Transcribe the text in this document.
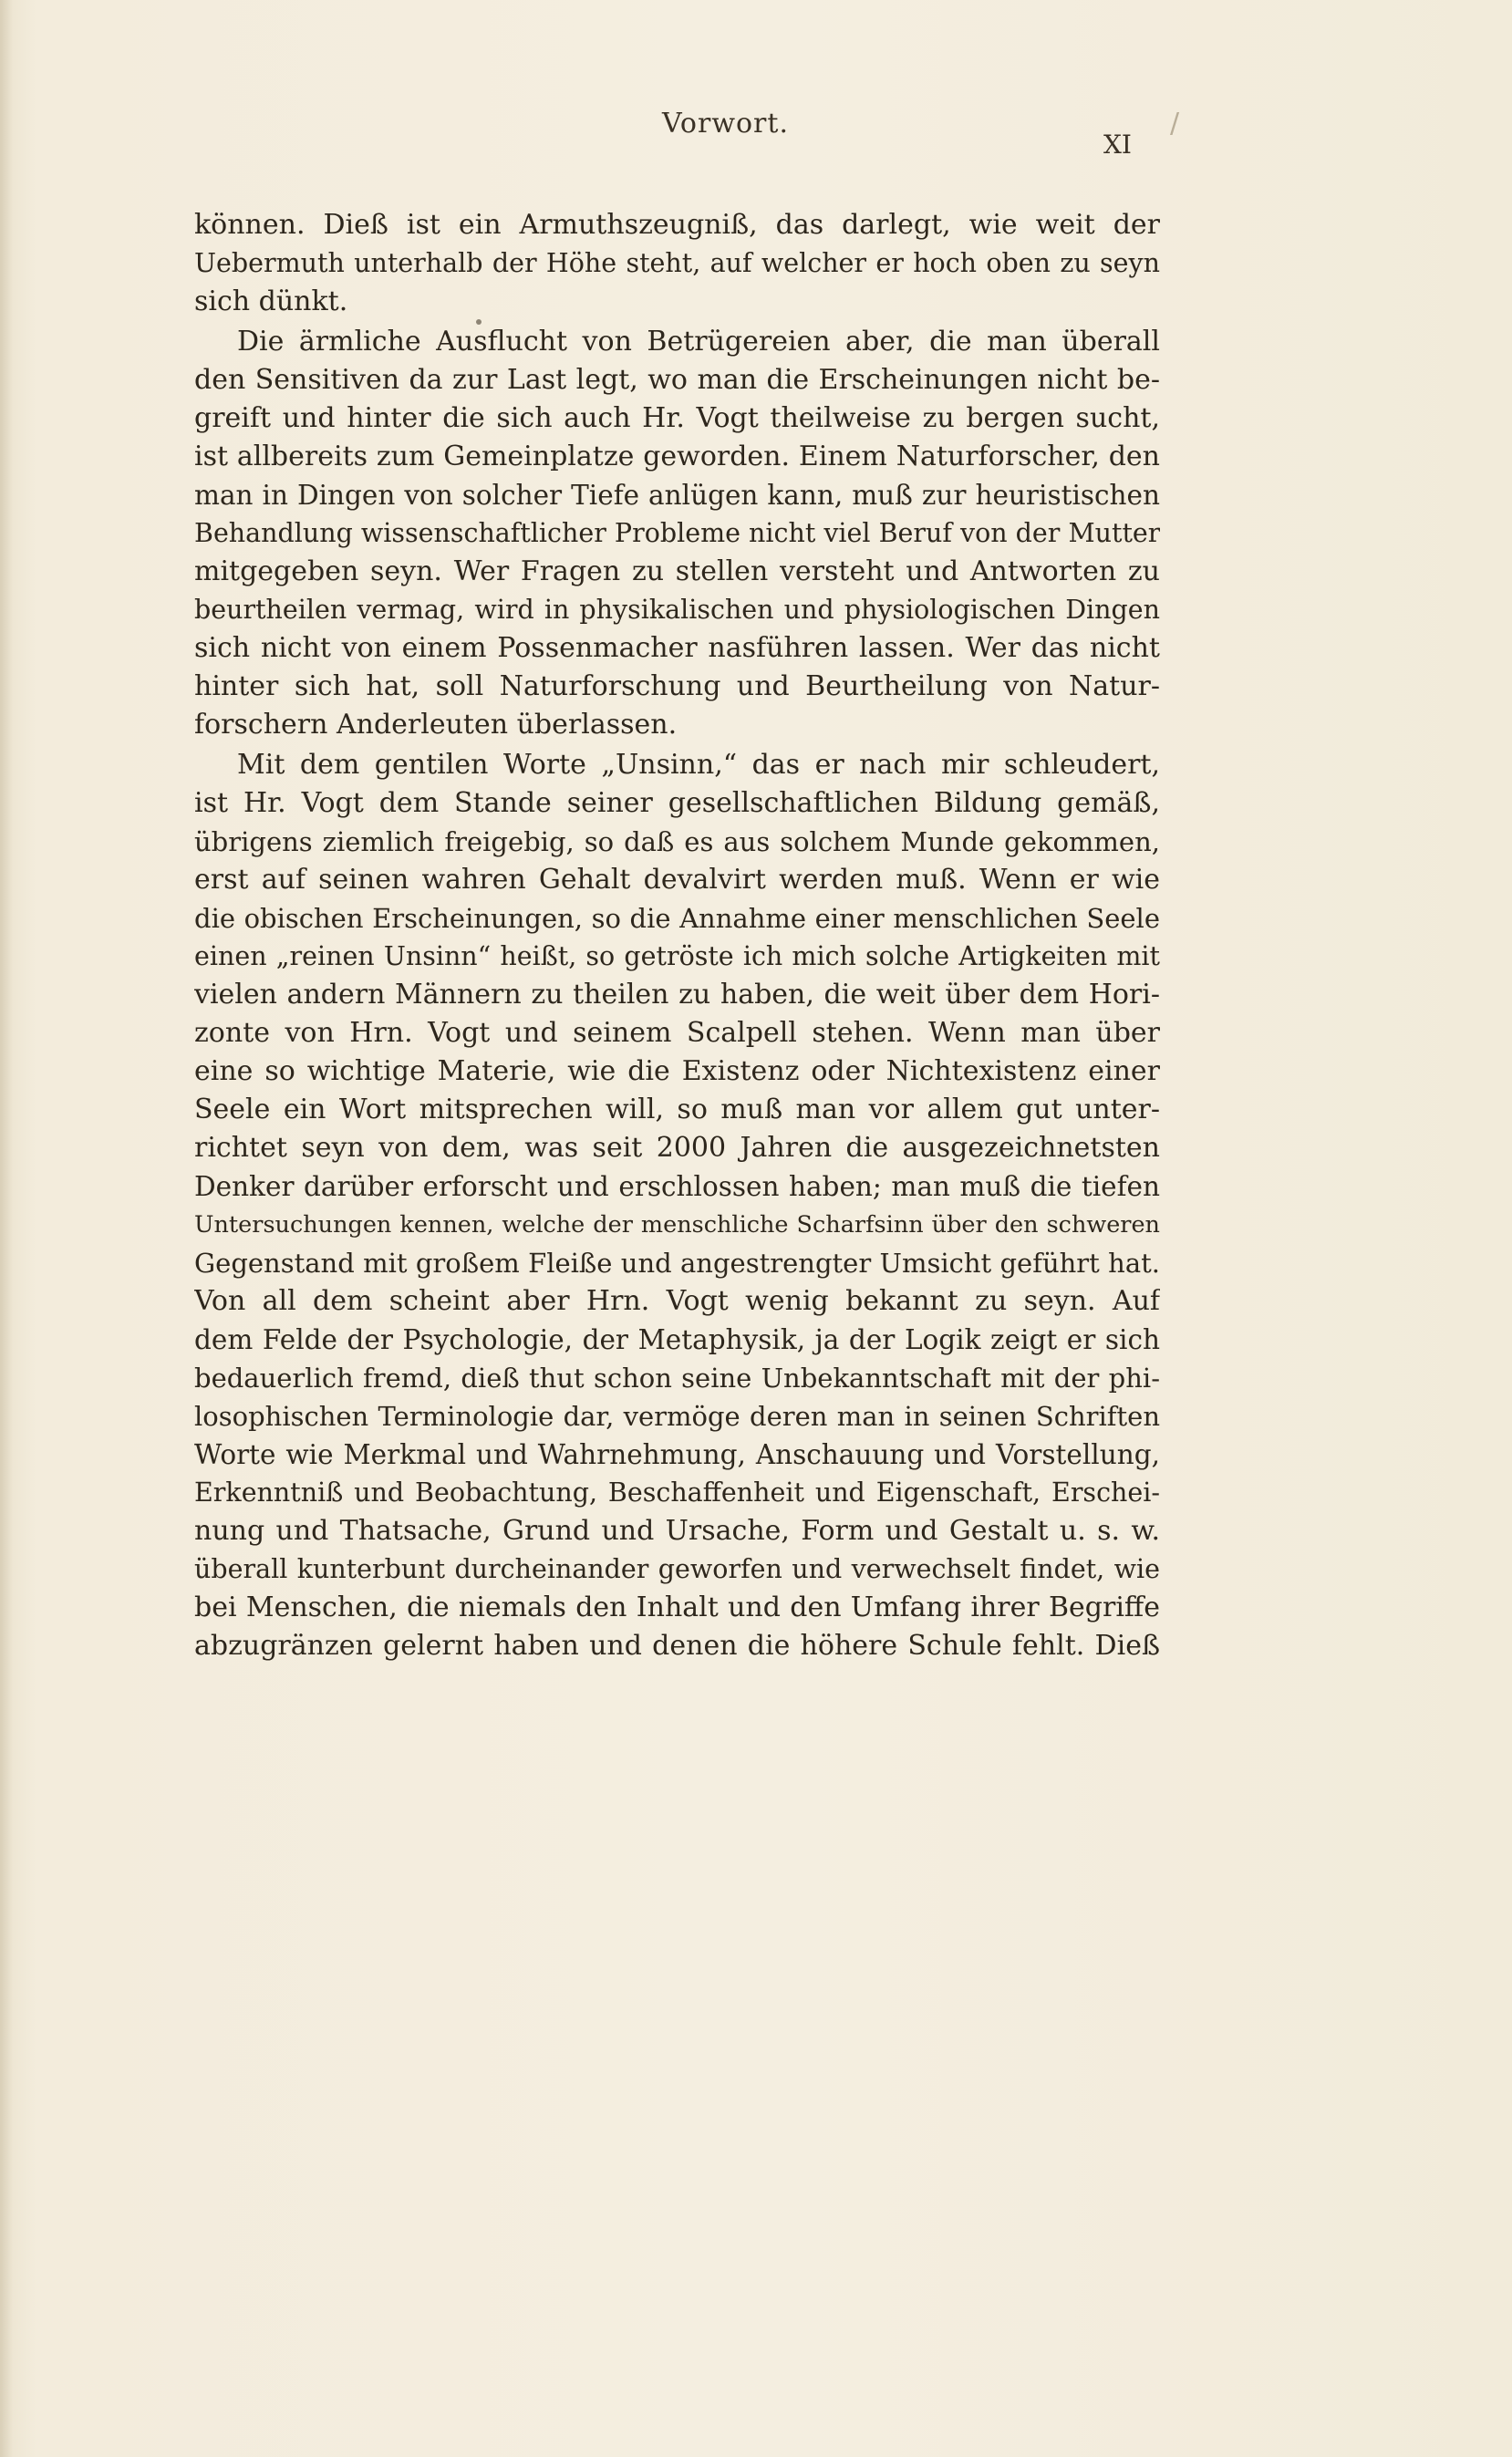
Vorwort.
XI
/
können. Dieß ist ein Armuthszeugniß, das darlegt, wie weit der
Uebermuth unterhalb der Höhe steht, auf welcher er hoch oben zu seyn
sich dünkt.
Die ärmliche Ausflucht von Betrügereien aber, die man überall
den Sensitiven da zur Last legt, wo man die Erscheinungen nicht be-
greift und hinter die sich auch Hr. Vogt theilweise zu bergen sucht,
ist allbereits zum Gemeinplatze geworden. Einem Naturforscher, den
man in Dingen von solcher Tiefe anlügen kann, muß zur heuristischen
Behandlung wissenschaftlicher Probleme nicht viel Beruf von der Mutter
mitgegeben seyn. Wer Fragen zu stellen versteht und Antworten zu
beurtheilen vermag, wird in physikalischen und physiologischen Dingen
sich nicht von einem Possenmacher nasführen lassen. Wer das nicht
hinter sich hat, soll Naturforschung und Beurtheilung von Natur-
forschern Anderleuten überlassen.
Mit dem gentilen Worte „Unsinn,“ das er nach mir schleudert,
ist Hr. Vogt dem Stande seiner gesellschaftlichen Bildung gemäß,
übrigens ziemlich freigebig, so daß es aus solchem Munde gekommen,
erst auf seinen wahren Gehalt devalvirt werden muß. Wenn er wie
die obischen Erscheinungen, so die Annahme einer menschlichen Seele
einen „reinen Unsinn“ heißt, so getröste ich mich solche Artigkeiten mit
vielen andern Männern zu theilen zu haben, die weit über dem Hori-
zonte von Hrn. Vogt und seinem Scalpell stehen. Wenn man über
eine so wichtige Materie, wie die Existenz oder Nichtexistenz einer
Seele ein Wort mitsprechen will, so muß man vor allem gut unter-
richtet seyn von dem, was seit 2000 Jahren die ausgezeichnetsten
Denker darüber erforscht und erschlossen haben; man muß die tiefen
Untersuchungen kennen, welche der menschliche Scharfsinn über den schweren
Gegenstand mit großem Fleiße und angestrengter Umsicht geführt hat.
Von all dem scheint aber Hrn. Vogt wenig bekannt zu seyn. Auf
dem Felde der Psychologie, der Metaphysik, ja der Logik zeigt er sich
bedauerlich fremd, dieß thut schon seine Unbekanntschaft mit der phi-
losophischen Terminologie dar, vermöge deren man in seinen Schriften
Worte wie Merkmal und Wahrnehmung, Anschauung und Vorstellung,
Erkenntniß und Beobachtung, Beschaffenheit und Eigenschaft, Erschei-
nung und Thatsache, Grund und Ursache, Form und Gestalt u. s. w.
überall kunterbunt durcheinander geworfen und verwechselt findet, wie
bei Menschen, die niemals den Inhalt und den Umfang ihrer Begriffe
abzugränzen gelernt haben und denen die höhere Schule fehlt. Dieß
